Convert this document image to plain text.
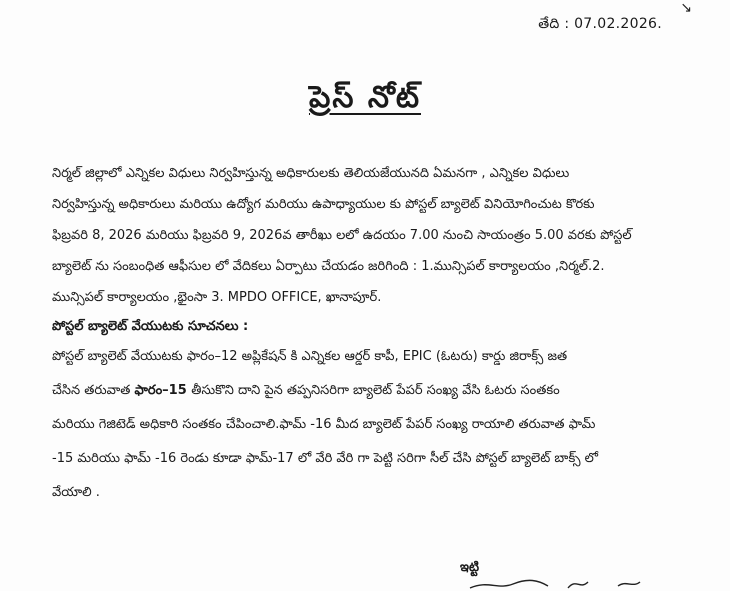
↘
తేది : 07.02.2026.
ప్రెస్ నోట్
నిర్మల్ జిల్లాలో ఎన్నికల విధులు నిర్వహిస్తున్న అధికారులకు తెలియజేయునది ఏమనగా , ఎన్నికల విధులు
నిర్వహిస్తున్న అధికారులు మరియు ఉద్యోగ మరియు ఉపాధ్యాయుల కు పోస్టల్ బ్యాలెట్ వినియోగించుట కొరకు
ఫిబ్రవరి 8, 2026 మరియు ఫిబ్రవరి 9, 2026వ తారీఖు లలో ఉదయం 7.00 నుంచి సాయంత్రం 5.00 వరకు పోస్టల్
బ్యాలెట్ ను సంబంధిత ఆఫీసుల లో వేదికలు ఏర్పాటు చేయడం జరిగింది : 1.మున్సిపల్ కార్యాలయం ,నిర్మల్.2.
మున్సిపల్ కార్యాలయం ,భైంసా 3. MPDO OFFICE, ఖానాపూర్.
పోస్టల్ బ్యాలెట్ వేయుటకు సూచనలు :
పోస్టల్ బ్యాలెట్ వేయుటకు ఫారం–12 అప్లికేషన్ కి ఎన్నికల ఆర్డర్ కాపీ, EPIC (ఓటరు) కార్డు జిరాక్స్ జత
చేసిన తరువాత ఫారం–15 తీసుకొని దాని పైన తప్పనిసరిగా బ్యాలెట్ పేపర్ సంఖ్య వేసి ఓటరు సంతకం
మరియు గెజిటెడ్ అధికారి సంతకం చేపించాలి.ఫామ్ -16 మీద బ్యాలెట్ పేపర్ సంఖ్య రాయాలి తరువాత ఫామ్
-15 మరియు ఫామ్ -16 రెండు కూడా ఫామ్-17 లో వేరి వేరి గా పెట్టి సరిగా సీల్ చేసి పోస్టల్ బ్యాలెట్ బాక్స్ లో
వేయాలి .
ఇట్టి
